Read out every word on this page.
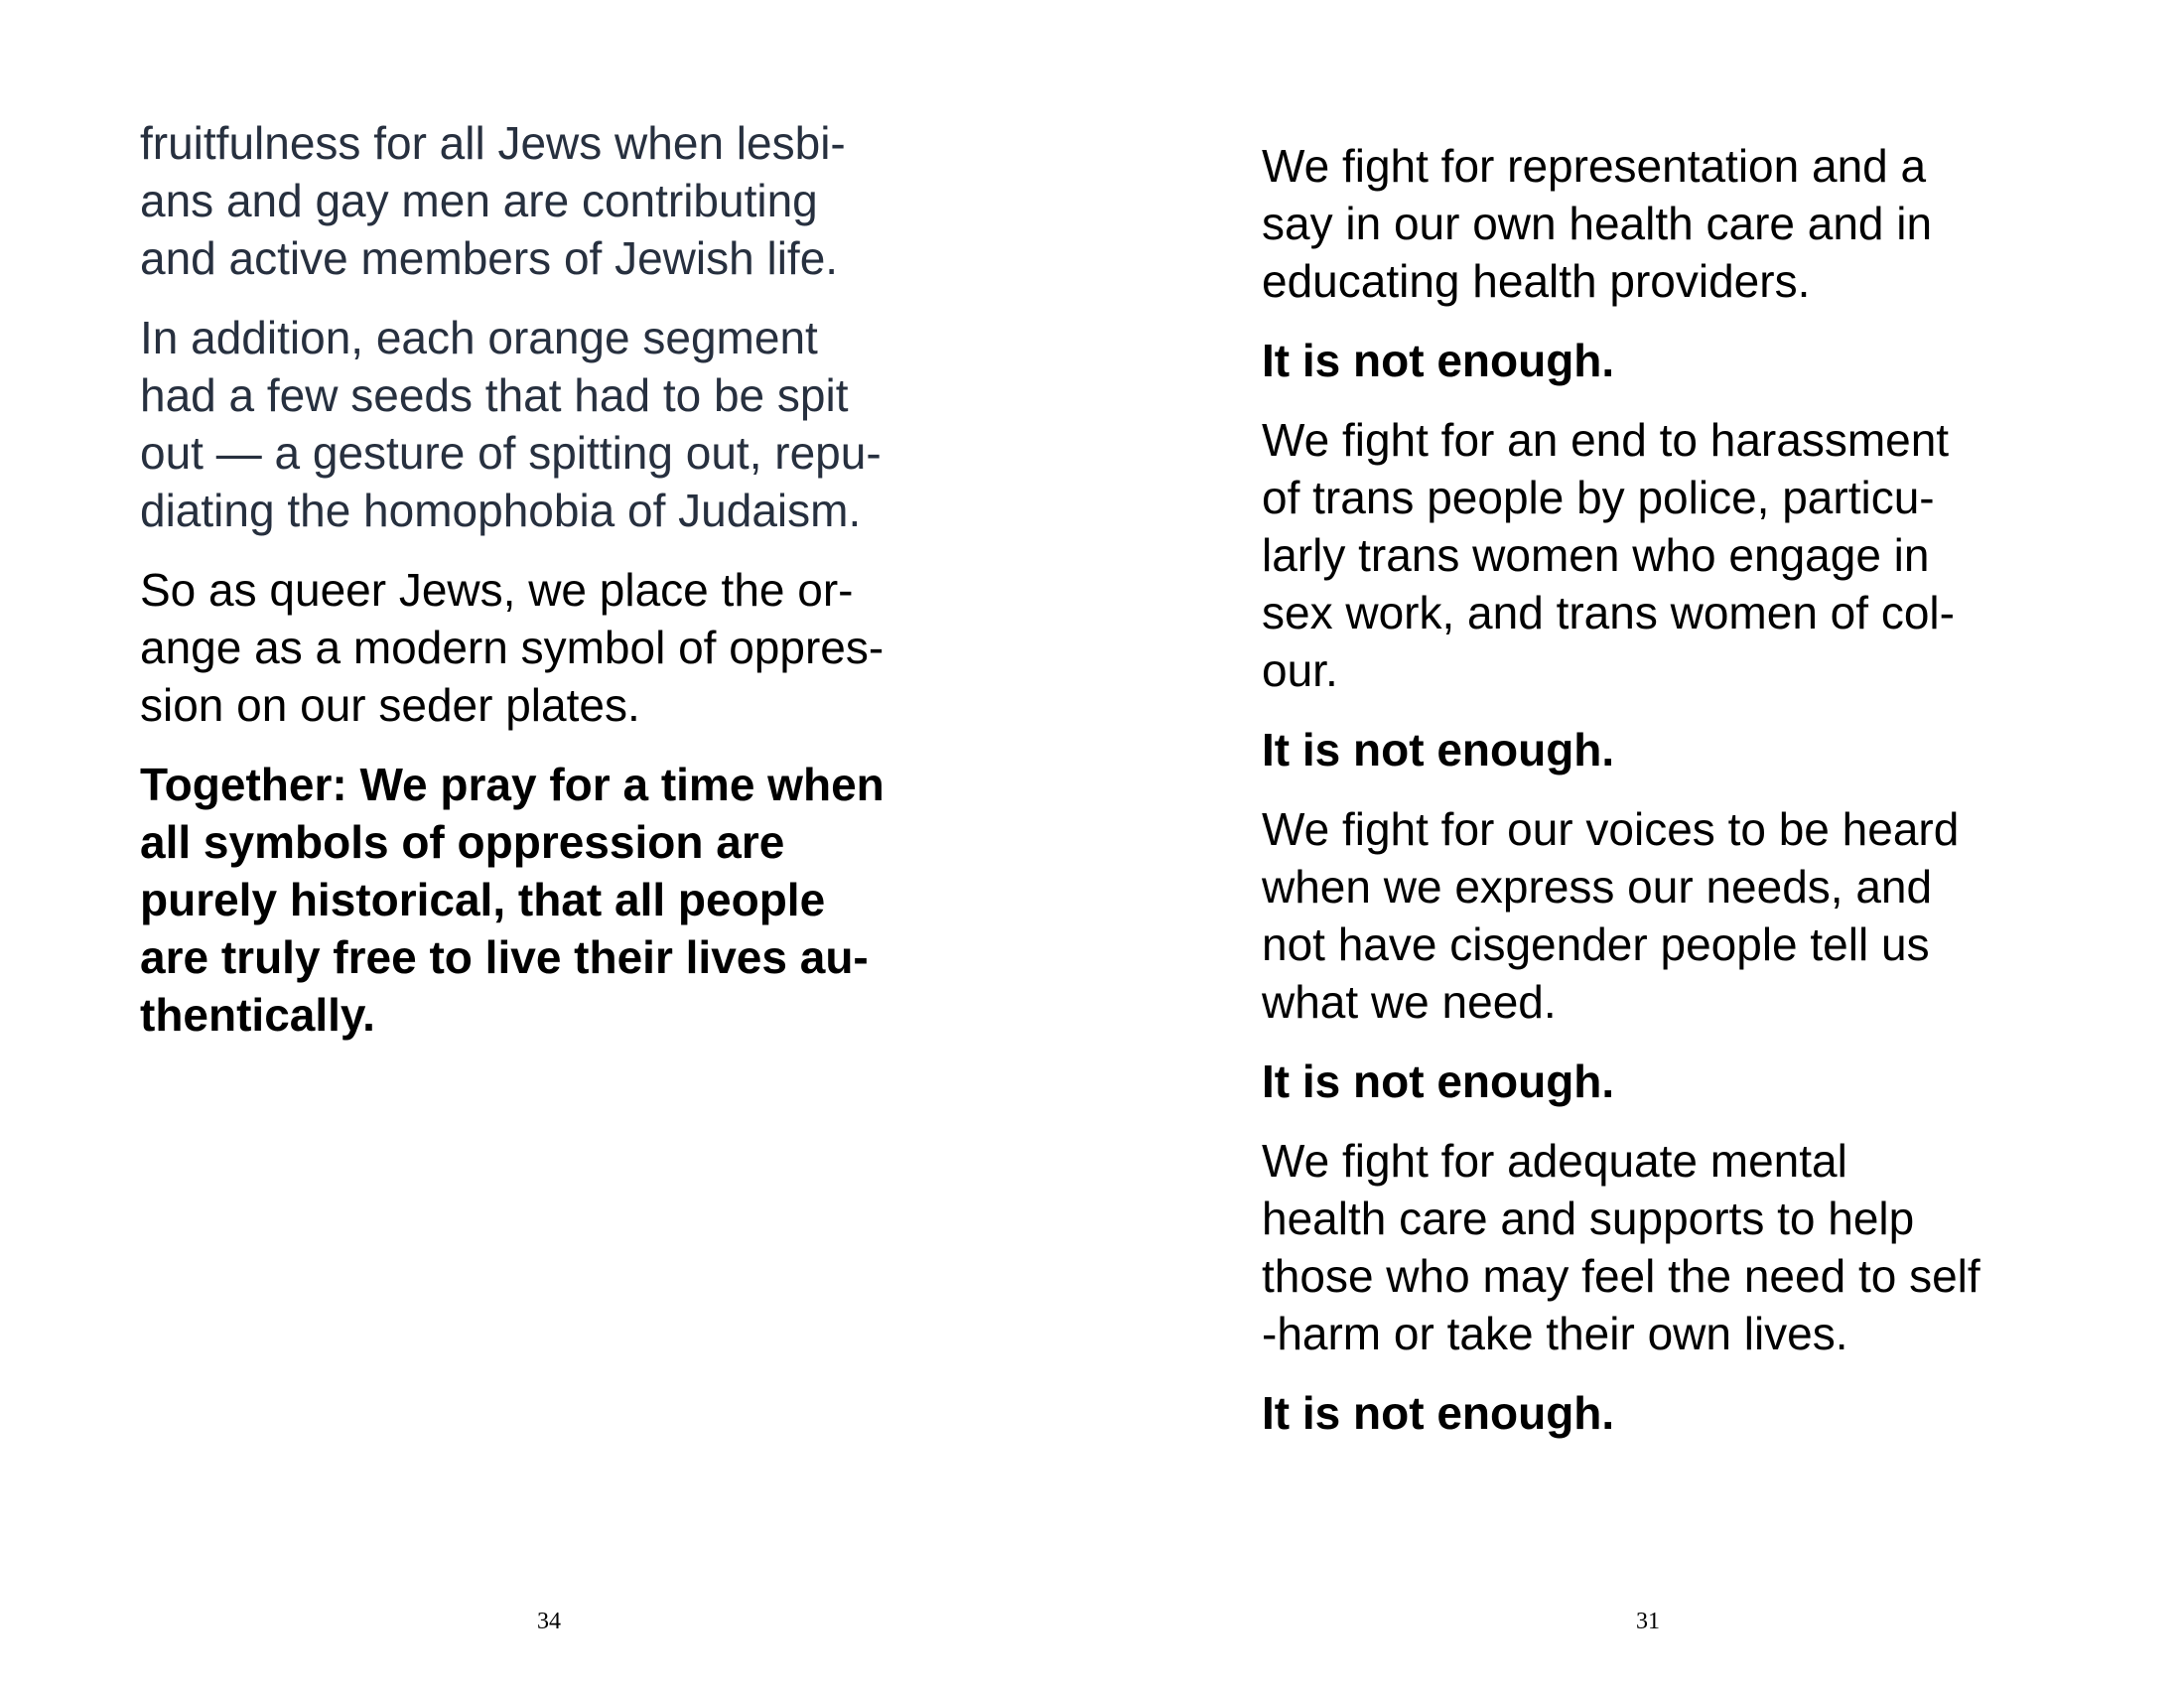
fruitfulness for all Jews when lesbi-
ans and gay men are contributing
and active members of Jewish life.

In addition, each orange segment
had a few seeds that had to be spit
out — a gesture of spitting out, repu-
diating the homophobia of Judaism.

So as queer Jews, we place the or-
ange as a modern symbol of oppres-
sion on our seder plates.

Together: We pray for a time when
all symbols of oppression are
purely historical, that all people
are truly free to live their lives au-
thentically.

34

We fight for representation and a
say in our own health care and in
educating health providers.

It is not enough.

We fight for an end to harassment
of trans people by police, particu-
larly trans women who engage in
sex work, and trans women of col-
our.

It is not enough.

We fight for our voices to be heard
when we express our needs, and
not have cisgender people tell us
what we need.

It is not enough.

We fight for adequate mental
health care and supports to help
those who may feel the need to self
-harm or take their own lives.

It is not enough.

31
